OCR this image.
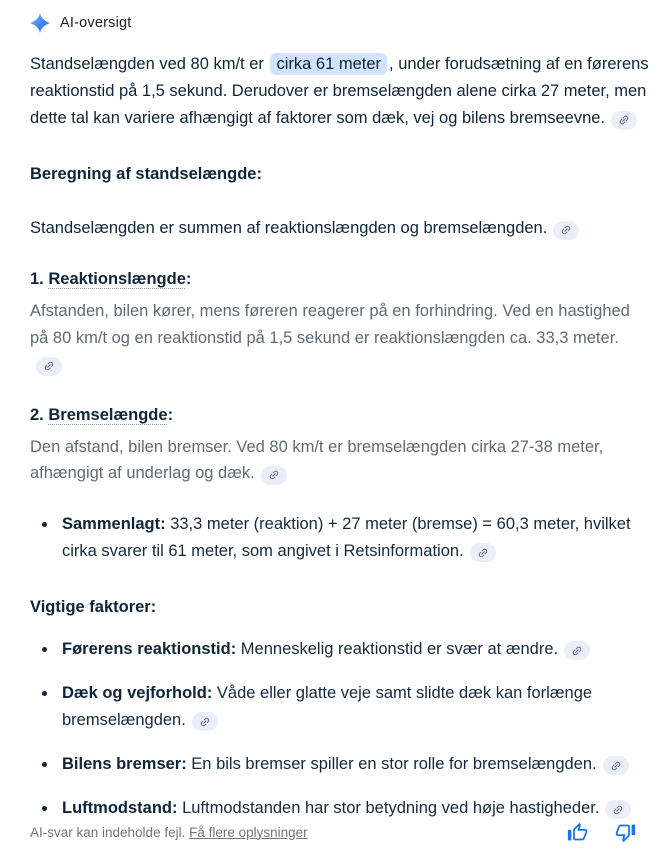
AI-oversigt

Standselængden ved 80 km/t er cirka 61 meter , under forudsætning af en førerens reaktionstid på 1,5 sekund. Derudover er bremselængden alene cirka 27 meter, men dette tal kan variere afhængigt af faktorer som dæk, vej og bilens bremseevne.

Beregning af standselængde:

Standselængden er summen af reaktionslængden og bremselængden.

1. Reaktionslængde:

Afstanden, bilen kører, mens føreren reagerer på en forhindring. Ved en hastighed på 80 km/t og en reaktionstid på 1,5 sekund er reaktionslængden ca. 33,3 meter.

2. Bremselængde:

Den afstand, bilen bremser. Ved 80 km/t er bremselængden cirka 27-38 meter, afhængigt af underlag og dæk.

Sammenlagt: 33,3 meter (reaktion) + 27 meter (bremse) = 60,3 meter, hvilket cirka svarer til 61 meter, som angivet i Retsinformation.
Vigtige faktorer:
Førerens reaktionstid: Menneskelig reaktionstid er svær at ændre.
Dæk og vejforhold: Våde eller glatte veje samt slidte dæk kan forlænge bremselængden.
Bilens bremser: En bils bremser spiller en stor rolle for bremselængden.
Luftmodstand: Luftmodstanden har stor betydning ved høje hastigheder.
AI-svar kan indeholde fejl. Få flere oplysninger
